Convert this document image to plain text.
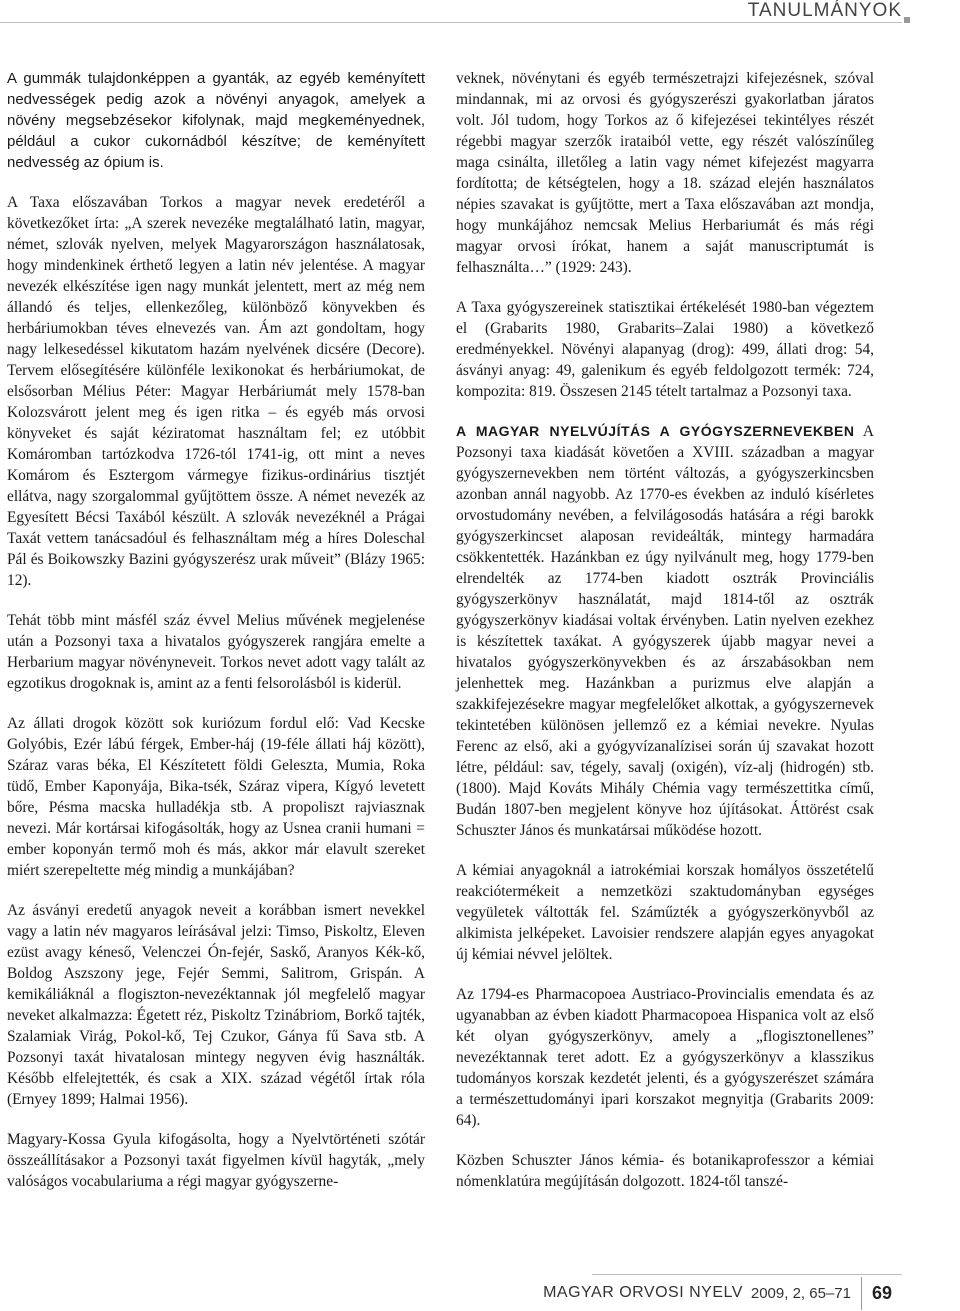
TANULMÁNYOK

A gummák tulajdonképpen a gyanták, az egyéb keményített nedvességek pedig azok a növényi anyagok, amelyek a növény megsebzésekor kifolynak, majd megkeményednek, például a cukor cukornádból készítve; de keményített nedvesség az ópium is.

A Taxa előszavában Torkos a magyar nevek eredetéről a következőket írta: „A szerek nevezéke megtalálható latin, magyar, német, szlovák nyelven, melyek Magyarországon használatosak, hogy mindenkinek érthető legyen a latin név jelentése. A magyar nevezék elkészítése igen nagy munkát jelentett, mert az még nem állandó és teljes, ellenkezőleg, különböző könyvekben és herbáriumokban téves elnevezés van. Ám azt gondoltam, hogy nagy lelkesedéssel kikutatom hazám nyelvének dicsére (Decore). Tervem elősegítésére különféle lexikonokat és herbáriumokat, de elsősorban Mélius Péter: Magyar Herbáriumát mely 1578-ban Kolozsvárott jelent meg és igen ritka – és egyéb más orvosi könyveket és saját kéziratomat használtam fel; ez utóbbit Komáromban tartózkodva 1726-tól 1741-ig, ott mint a neves Komárom és Esztergom vármegye fizikus-ordinárius tisztjét ellátva, nagy szorgalommal gyűjtöttem össze. A német nevezék az Egyesített Bécsi Taxából készült. A szlovák nevezéknél a Prágai Taxát vettem tanácsadóul és felhasználtam még a híres Doleschal Pál és Boikowszky Bazini gyógyszerész urak műveit” (Blázy 1965: 12).

Tehát több mint másfél száz évvel Melius művének megjelenése után a Pozsonyi taxa a hivatalos gyógyszerek rangjára emelte a Herbarium magyar növényneveit. Torkos nevet adott vagy talált az egzotikus drogoknak is, amint az a fenti felsorolásból is kiderül.

Az állati drogok között sok kuriózum fordul elő: Vad Kecske Golyóbis, Ezér lábú férgek, Ember-háj (19-féle állati háj között), Száraz varas béka, El Készítetett földi Geleszta, Mumia, Roka tüdő, Ember Kaponyája, Bika-tsék, Száraz vipera, Kígyó levetett bőre, Pésma macska hulladékja stb. A propoliszt rajviasznak nevezi. Már kortársai kifogásolták, hogy az Usnea cranii humani = ember koponyán termő moh és más, akkor már elavult szereket miért szerepeltette még mindig a munkájában?

Az ásványi eredetű anyagok neveit a korábban ismert nevekkel vagy a latin név magyaros leírásával jelzi: Timso, Piskoltz, Eleven ezüst avagy kéneső, Velenczei Ón-fejér, Saskő, Aranyos Kék-kő, Boldog Aszszony jege, Fejér Semmi, Salitrom, Grispán. A kemikáliáknál a flogiszton-nevezéktannak jól megfelelő magyar neveket alkalmazza: Égetett réz, Piskoltz Tzinábriom, Borkő tajték, Szalamiak Virág, Pokol-kő, Tej Czukor, Gánya fű Sava stb. A Pozsonyi taxát hivatalosan mintegy negyven évig használták. Később elfelejtették, és csak a XIX. század végétől írtak róla (Ernyey 1899; Halmai 1956).

Magyary-Kossa Gyula kifogásolta, hogy a Nyelvtörténeti szótár összeállításakor a Pozsonyi taxát figyelmen kívül hagyták, „mely valóságos vocabulariuma a régi magyar gyógyszerne-

veknek, növénytani és egyéb természetrajzi kifejezésnek, szóval mindannak, mi az orvosi és gyógyszerészi gyakorlatban járatos volt. Jól tudom, hogy Torkos az ő kifejezései tekintélyes részét régebbi magyar szerzők irataiból vette, egy részét valószínűleg maga csinálta, illetőleg a latin vagy német kifejezést magyarra fordította; de kétségtelen, hogy a 18. század elején használatos népies szavakat is gyűjtötte, mert a Taxa előszavában azt mondja, hogy munkájához nemcsak Melius Herbariumát és más régi magyar orvosi írókat, hanem a saját manuscriptumát is felhasználta…” (1929: 243).

A Taxa gyógyszereinek statisztikai értékelését 1980-ban végeztem el (Grabarits 1980, Grabarits–Zalai 1980) a következő eredményekkel. Növényi alapanyag (drog): 499, állati drog: 54, ásványi anyag: 49, galenikum és egyéb feldolgozott termék: 724, kompozita: 819. Összesen 2145 tételt tartalmaz a Pozsonyi taxa.

A MAGYAR NYELVÚJÍTÁS A GYÓGYSZERNEVEKBEN A Pozsonyi taxa kiadását követően a XVIII. században a magyar gyógyszernevekben nem történt változás, a gyógyszerkincsben azonban annál nagyobb. Az 1770-es években az induló kísérletes orvostudomány nevében, a felvilágosodás hatására a régi barokk gyógyszerkincset alaposan revideálták, mintegy harmadára csökkentették. Hazánkban ez úgy nyilvánult meg, hogy 1779-ben elrendelték az 1774-ben kiadott osztrák Provinciális gyógyszerkönyv használatát, majd 1814-től az osztrák gyógyszerkönyv kiadásai voltak érvényben. Latin nyelven ezekhez is készítettek taxákat. A gyógyszerek újabb magyar nevei a hivatalos gyógyszerkönyvekben és az árszabásokban nem jelenhettek meg. Hazánkban a purizmus elve alapján a szakkifejezésekre magyar megfelelőket alkottak, a gyógyszernevek tekintetében különösen jellemző ez a kémiai nevekre. Nyulas Ferenc az első, aki a gyógyvízanalízisei során új szavakat hozott létre, például: sav, tégely, savalj (oxigén), víz-alj (hidrogén) stb. (1800). Majd Kováts Mihály Chémia vagy természettitka című, Budán 1807-ben megjelent könyve hoz újításokat. Áttörést csak Schuszter János és munkatársai működése hozott.

A kémiai anyagoknál a iatrokémiai korszak homályos összetételű reakciótermékeit a nemzetközi szaktudományban egységes vegyületek váltották fel. Száműzték a gyógyszerkönyvből az alkimista jelképeket. Lavoisier rendszere alapján egyes anyagokat új kémiai névvel jelöltek.

Az 1794-es Pharmacopoea Austriaco-Provincialis emendata és az ugyanabban az évben kiadott Pharmacopoea Hispanica volt az első két olyan gyógyszerkönyv, amely a „flogisztonellenes” nevezéktannak teret adott. Ez a gyógyszerkönyv a klasszikus tudományos korszak kezdetét jelenti, és a gyógyszerészet számára a természettudományi ipari korszakot megnyitja (Grabarits 2009: 64).

Közben Schuszter János kémia- és botanikaprofesszor a kémiai nómenklatúra megújításán dolgozott. 1824-től tanszé-

MAGYAR ORVOSI NYELV 2009, 2, 65–71	69
